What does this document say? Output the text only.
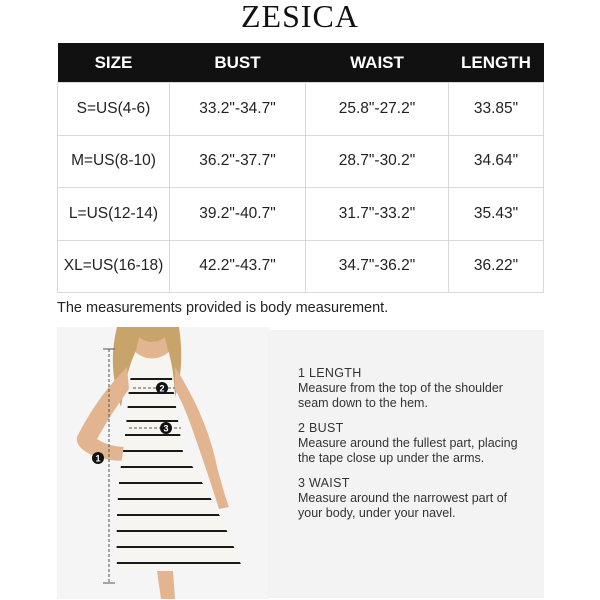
ZESICA
SIZE	BUST	WAIST	LENGTH
S=US(4-6)	33.2"-34.7"	25.8"-27.2"	33.85"
M=US(8-10)	36.2"-37.7"	28.7"-30.2"	34.64"
L=US(12-14)	39.2"-40.7"	31.7"-33.2"	35.43"
XL=US(16-18)	42.2"-43.7"	34.7"-36.2"	36.22"
The measurements provided is body measurement.
1
2
3
1 LENGTH
Measure from the top of the shoulder seam down to the hem.
2 BUST
Measure around the fullest part, placing the tape close up under the arms.
3 WAIST
Measure around the narrowest part of your body, under your navel.
